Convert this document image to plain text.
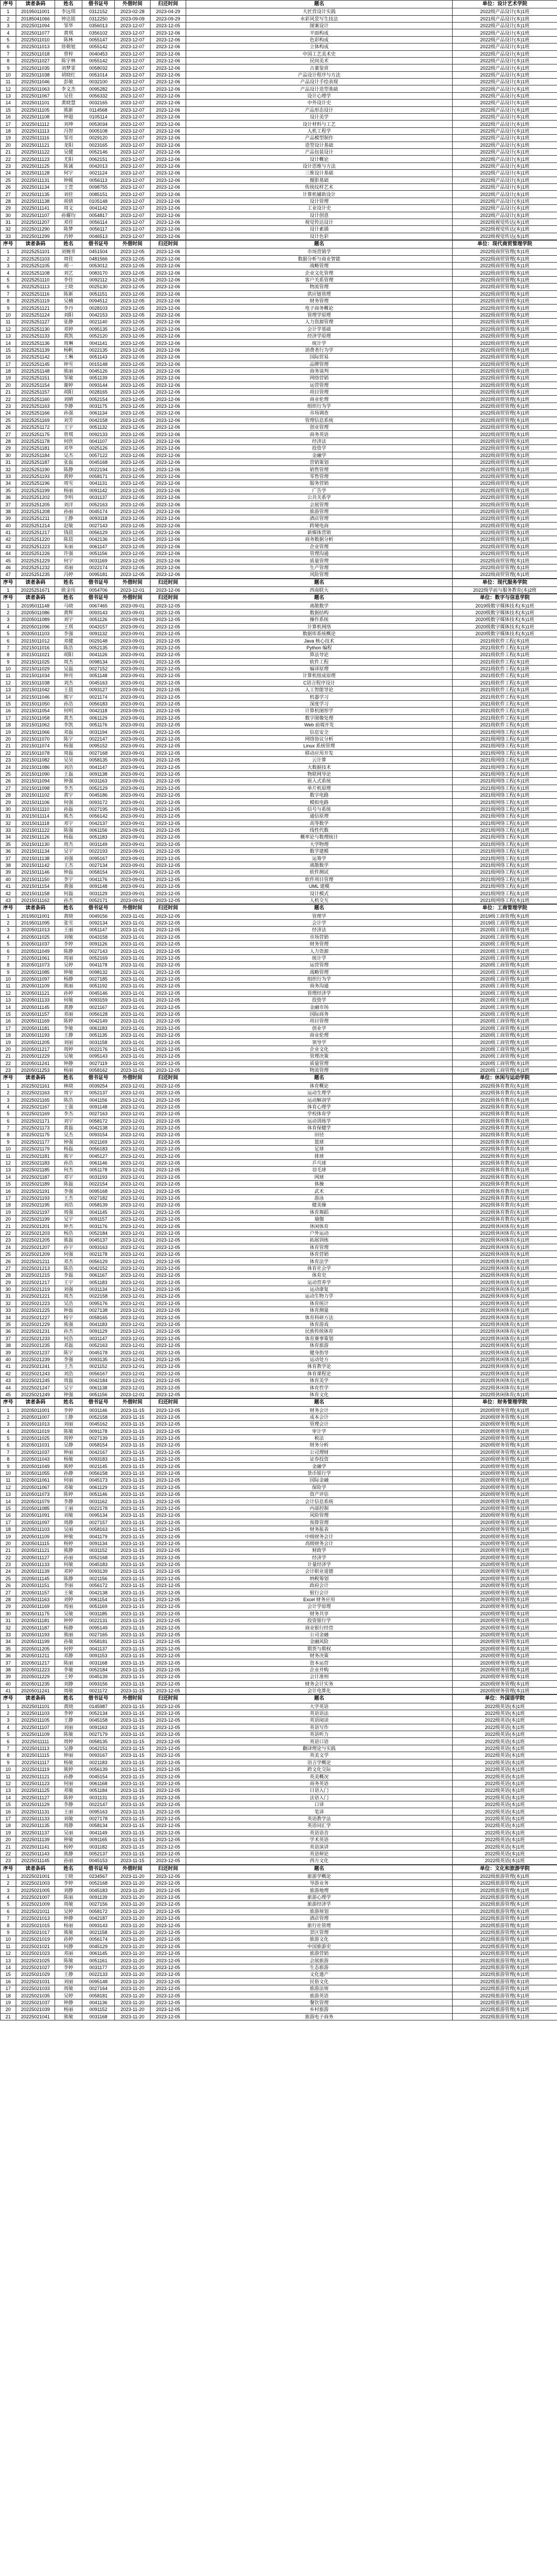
序号	读者条码	姓名	借书证号	外借时间	归还时间	题名	单位：设计艺术学院
1	20195011001	李远琪	0312152	2023-02-28	2023-04-29	大匠营设计实践	2022级产品设计(本)1班
2	20185041066	钟达铭	0312250	2023-09-09	2023-09-29	水彩风景写生技法	2021级产品设计(本)1班
3	20225011094	邹华	0356013	2023-12-07	2023-12-05	图案设计	2022级产品设计(本)1班
4	20225011077	黄琪	0356102	2023-12-07	2023-12-06	平面构成	2022级产品设计(本)1班
5	20225011010	陈林	0055147	2023-12-07	2023-12-06	色彩构成	2022级产品设计(本)1班
6	20225011013	徐朝旭	0055142	2023-12-07	2023-12-06	立体构成	2022级产品设计(本)1班
7	20225011018	曾梓	0040453	2023-12-07	2023-12-06	中国工艺美术史	2022级产品设计(本)1班
8	20225011027	陈宇林	0055142	2023-12-07	2023-12-06	民间美术	2022级产品设计(本)1班
9	20225011035	刘梦霏	0058032	2023-12-07	2023-12-06	古董鉴赏	2022级产品设计(本)1班
10	20225011038	胡晓红	0051014	2023-12-07	2023-12-06	产品设计程序与方法	2022级产品设计(本)1班
11	20225011046	彭敏	0032100	2023-12-07	2023-12-06	产品设计手绘表现	2022级产品设计(本)1班
12	20225011063	李文杰	0095282	2023-12-07	2023-12-06	产品设计造型基础	2022级产品设计(本)1班
13	20225011067	吴佳	0056332	2023-12-07	2023-12-06	设计心理学	2022级产品设计(本)1班
14	20225011101	黄晓慧	0032165	2023-12-07	2023-12-06	中外设计史	2022级产品设计(本)1班
15	20225011105	熊新	0114568	2023-12-07	2023-12-06	产品形态设计	2022级产品设计(本)1班
16	20225011108	钟超	0105114	2023-12-07	2023-12-06	设计美学	2022级产品设计(本)1班
17	20225011112	刘坤	0053034	2023-12-07	2023-12-06	设计材料与工艺	2022级产品设计(本)1班
18	20225011113	冯智	0005108	2023-12-07	2023-12-06	人机工程学	2022级产品设计(本)1班
19	20225011116	邹亮	0029120	2023-12-07	2023-12-06	产品模型制作	2022级产品设计(本)1班
20	20225011121	龙阳	0023165	2023-12-07	2023-12-06	造型设计基础	2022级产品设计(本)1班
21	20225011122	吴健	0052146	2023-12-07	2023-12-06	产品包装设计	2022级产品设计(本)1班
22	20225011123	尤阳	0062151	2023-12-07	2023-12-06	设计概论	2022级产品设计(本)1班
23	20225011125	陈诚	0042013	2023-12-07	2023-12-06	设计思维与方法	2022级产品设计(本)1班
24	20225011128	何宇	0021124	2023-12-07	2023-12-06	三维设计基础	2022级产品设计(本)1班
25	20225011131	钟媛	0056113	2023-12-07	2023-12-06	摄影基础	2022级产品设计(本)1班
26	20225011134	王萱	0098755	2023-12-07	2023-12-06	传统纹样艺术	2022级产品设计(本)1班
27	20225011135	刘佳	0085151	2023-12-07	2023-12-06	计算机辅助设计	2022级产品设计(本)1班
28	20225011138	胡倩	0105148	2023-12-07	2023-12-06	设计管理	2022级产品设计(本)1班
29	20225011141	周文	0041142	2023-12-07	2023-12-06	工业设计史	2022级产品设计(本)1班
30	20225011107	孙耀均	0054817	2023-12-07	2023-12-06	设计创意	2022级产品设计(本)1班
31	20225011207	邓佳	0056114	2023-12-07	2023-12-06	视觉传达设计	2022级视觉传达(本)1班
32	20225011290	陈梦	0056117	2023-12-07	2023-12-06	设计素描	2022级视觉传达(本)1班
33	20225011299	肖婷	0046513	2023-12-07	2023-12-06	设计色彩	2022级视觉传达(本)1班
序号	读者条码	姓名	借书证号	外借时间	归还时间	题名	单位：现代商贸管理学院
1	20225251101	刘婉青	0451504	2023-12-05	2023-12-06	市场营销学	2022级商贸管理(本)1班
2	20225251103	周佳	0481566	2023-12-05	2023-12-06	数据分析与商业智能	2022级商贸管理(本)1班
3	20225251105	胡一	0053012	2023-12-05	2023-12-06	战略管理	2022级商贸管理(本)1班
4	20225251108	刘艺	0083170	2023-12-05	2023-12-06	企业文化管理	2022级商贸管理(本)1班
5	20225251110	李佳	0092112	2023-12-05	2023-12-06	客户关系管理	2022级商贸管理(本)1班
6	20225251113	王晓	0025130	2023-12-05	2023-12-06	物流管理	2022级商贸管理(本)1班
7	20225251116	陈新	0051151	2023-12-05	2023-12-06	供应链管理	2022级商贸管理(本)1班
8	20225251119	吴楠	0094512	2023-12-05	2023-12-06	财务管理	2022级商贸管理(本)1班
9	20225251121	李丹	0028103	2023-12-05	2023-12-06	电子商务概论	2022级商贸管理(本)1班
10	20225251124	刘阳	0042153	2023-12-05	2023-12-06	管理学原理	2022级商贸管理(本)1班
11	20225251127	张静	0021140	2023-12-05	2023-12-06	人力资源管理	2022级商贸管理(本)1班
12	20225251130	邓婷	0095135	2023-12-05	2023-12-06	会计学基础	2022级商贸管理(本)1班
13	20225251133	黄凯	0052120	2023-12-05	2023-12-06	经济学原理	2022级商贸管理(本)1班
14	20225251136	周琳	0041141	2023-12-05	2023-12-06	统计学	2022级商贸管理(本)1班
15	20225251139	杨帆	0022135	2023-12-05	2023-12-06	消费者行为学	2022级商贸管理(本)1班
16	20225251142	王琳	0051143	2023-12-05	2023-12-06	国际贸易	2022级商贸管理(本)1班
17	20225251145	钟雪	0015148	2023-12-05	2023-12-06	品牌管理	2022级商贸管理(本)1班
18	20225251148	熊丽	0045126	2023-12-05	2023-12-06	商务谈判	2022级商贸管理(本)1班
19	20225251151	邹敏	0051139	2023-12-05	2023-12-06	网络营销	2022级商贸管理(本)1班
20	20225251154	谢婷	0093144	2023-12-05	2023-12-06	运营管理	2022级商贸管理(本)1班
21	20225251157	胡阳	0028165	2023-12-05	2023-12-06	项目管理	2022级商贸管理(本)1班
22	20225251160	刘晴	0052154	2023-12-05	2023-12-06	商业伦理	2022级商贸管理(本)1班
23	20225251163	李静	0031175	2023-12-05	2023-12-06	组织行为学	2022级商贸管理(本)1班
24	20225251166	孙强	0061134	2023-12-05	2023-12-06	市场调查	2022级商贸管理(本)1班
25	20225251169	刘芳	0042158	2023-12-05	2023-12-06	管理信息系统	2022级商贸管理(本)1班
26	20225251172	王宇	0051132	2023-12-05	2023-12-06	创业管理	2022级商贸管理(本)1班
27	20225251175	曾琪	0092133	2023-12-05	2023-12-06	商务英语	2022级商贸管理(本)1班
28	20225251178	何欣	0041107	2023-12-05	2023-12-06	经济法	2022级商贸管理(本)1班
29	20225251181	邓华	0025126	2023-12-05	2023-12-06	投资学	2022级商贸管理(本)1班
30	20225251184	吴杰	0057122	2023-12-05	2023-12-06	金融学	2022级商贸管理(本)1班
31	20225251187	张磊	0045168	2023-12-05	2023-12-06	营销策划	2022级商贸管理(本)1班
32	20225251190	陈静	0022194	2023-12-05	2023-12-06	销售管理	2022级商贸管理(本)1班
33	20225251193	黄婷	0058171	2023-12-05	2023-12-06	零售管理	2022级商贸管理(本)1班
34	20225251196	周雪	0041131	2023-12-05	2023-12-06	服务营销	2022级商贸管理(本)1班
35	20225251199	杨丽	0091142	2023-12-05	2023-12-06	广告学	2022级商贸管理(本)1班
36	20225251202	李明	0031137	2023-12-05	2023-12-06	公共关系学	2022级商贸管理(本)1班
37	20225251205	刘洋	0052163	2023-12-05	2023-12-06	会展管理	2022级商贸管理(本)1班
38	20225251208	孙丽	0045174	2023-12-05	2023-12-06	旅游管理	2022级商贸管理(本)1班
39	20225251211	王静	0093118	2023-12-05	2023-12-06	酒店管理	2022级商贸管理(本)1班
40	20225251214	赵敏	0027143	2023-12-05	2023-12-06	跨境电商	2022级商贸管理(本)1班
41	20225251217	钱晨	0056129	2023-12-05	2023-12-06	新媒体营销	2022级商贸管理(本)1班
42	20225251220	陈晨	0042136	2023-12-05	2023-12-06	商务数据分析	2022级商贸管理(本)1班
43	20225251223	朱丽	0061147	2023-12-05	2023-12-06	企业管理	2022级商贸管理(本)1班
44	20225251226	许强	0051156	2023-12-05	2023-12-06	管理沟通	2022级商贸管理(本)1班
45	20225251229	何宇	0031169	2023-12-05	2023-12-06	质量管理	2022级商贸管理(本)1班
46	20225251232	邓丽	0022174	2023-12-05	2023-12-06	生产管理	2022级商贸管理(本)1班
47	20225251235	冯婷	0095181	2023-12-05	2023-12-06	风险管理	2022级商贸管理(本)1班
序号	读者条码	姓名	借书证号	外借时间	归还时间	题名	单位：现代服务学院
1	20225251671	欧金珏	0054706	2023-12-01	2023-12-06	西南联大	2022级学前与服务教育(本)2班
序号	读者条码	姓名	借书证号	外借时间	归还时间	题名	单位：数字与信息学院
1	20195011148	马晓	0067465	2023-09-01	2023-12-05	离散数学	2019级数字媒体技术(本)1班
2	20205011086	黄辉	0093143	2023-09-01	2023-12-05	数据结构	2020级数字媒体技术(本)1班
3	20205011089	刘宇	0051126	2023-09-01	2023-12-05	操作系统	2020级数字媒体技术(本)1班
4	20205011096	王琪	0043157	2023-09-01	2023-12-05	计算机网络	2020级数字媒体技术(本)1班
5	20205011103	李强	0091132	2023-09-01	2023-12-05	数据库系统概论	2020级数字媒体技术(本)1班
6	20215011012	邓健	0029148	2023-09-01	2023-12-05	Java 核心技术	2021级软件工程(本)1班
7	20215011016	陈浩	0052135	2023-09-01	2023-12-05	Python 编程	2021级软件工程(本)1班
8	20215011021	胡阳	0041126	2023-09-01	2023-12-05	算法导论	2021级软件工程(本)1班
9	20215011025	周杰	0098134	2023-09-01	2023-12-05	软件工程	2021级软件工程(本)1班
10	20215011029	吴磊	0027152	2023-09-01	2023-12-05	编译原理	2021级软件工程(本)1班
11	20215011034	钟亮	0051148	2023-09-01	2023-12-05	计算机组成原理	2021级软件工程(本)1班
12	20215011038	刘杰	0045163	2023-09-01	2023-12-05	C语言程序设计	2021级软件工程(本)1班
13	20215011042	王晨	0093127	2023-09-01	2023-12-05	人工智能导论	2021级软件工程(本)1班
14	20215011046	熊宇	0021174	2023-09-01	2023-12-05	机器学习	2021级软件工程(本)1班
15	20215011050	孙浩	0056183	2023-09-01	2023-12-05	深度学习	2021级软件工程(本)1班
16	20215011054	何明	0042118	2023-09-01	2023-12-05	计算机图形学	2021级软件工程(本)1班
17	20215011058	黄杰	0061129	2023-09-01	2023-12-05	数字图像处理	2021级软件工程(本)1班
18	20215011062	李凯	0051176	2023-09-01	2023-12-05	Web 前端开发	2021级软件工程(本)1班
19	20215011066	邓磊	0031194	2023-09-01	2023-12-05	信息安全	2021级网络工程(本)1班
20	20215011070	陈宇	0022147	2023-09-01	2023-12-05	网络协议分析	2021级网络工程(本)1班
21	20215011074	杨强	0095152	2023-09-01	2023-12-05	Linux 系统管理	2021级网络工程(本)1班
22	20215011078	周磊	0027168	2023-09-01	2023-12-05	移动应用开发	2021级网络工程(本)1班
23	20215011082	吴昊	0058135	2023-09-01	2023-12-05	云计算	2021级网络工程(本)1班
24	20215011086	刘浩	0041147	2023-09-01	2023-12-05	大数据技术	2021级网络工程(本)1班
25	20215011090	王磊	0091138	2023-09-01	2023-12-05	物联网导论	2021级网络工程(本)1班
26	20215011094	钟强	0031163	2023-09-01	2023-12-05	嵌入式系统	2021级网络工程(本)1班
27	20215011098	李杰	0052129	2023-09-01	2023-12-05	单片机原理	2021级网络工程(本)1班
28	20215011102	黄宇	0045186	2023-09-01	2023-12-05	数字电路	2021级网络工程(本)1班
29	20215011106	何强	0093172	2023-09-01	2023-12-05	模拟电路	2021级网络工程(本)1班
30	20215011110	孙磊	0027195	2023-09-01	2023-12-05	信号与系统	2021级网络工程(本)1班
31	20215011114	熊杰	0056142	2023-09-01	2023-12-05	通信原理	2021级网络工程(本)1班
32	20215011118	邓宇	0042137	2023-09-01	2023-12-05	高等数学	2021级网络工程(本)1班
33	20215011122	陈强	0061156	2023-09-01	2023-12-05	线性代数	2021级网络工程(本)1班
34	20215011126	杨磊	0051183	2023-09-01	2023-12-05	概率论与数理统计	2021级网络工程(本)1班
35	20215011130	周杰	0031149	2023-09-01	2023-12-05	大学物理	2021级网络工程(本)1班
36	20215011134	吴宇	0022193	2023-09-01	2023-12-05	数学建模	2021级网络工程(本)1班
37	20215011138	刘强	0095167	2023-09-01	2023-12-05	运筹学	2021级网络工程(本)1班
38	20215011142	王杰	0027134	2023-09-01	2023-12-05	离散数学	2021级网络工程(本)1班
39	20215011146	钟磊	0058154	2023-09-01	2023-12-05	软件测试	2021级网络工程(本)1班
40	20215011150	李宇	0041176	2023-09-01	2023-12-05	软件项目管理	2021级网络工程(本)1班
41	20215011154	黄强	0091148	2023-09-01	2023-12-05	UML 建模	2021级网络工程(本)1班
42	20215011158	何磊	0031129	2023-09-01	2023-12-05	设计模式	2021级网络工程(本)1班
43	20215011162	孙杰	0052171	2023-09-01	2023-12-05	人机交互	2021级网络工程(本)1班
序号	读者条码	姓名	借书证号	外借时间	归还时间	题名	单位：工商管理学院
1	20195011001	黄晓	0049156	2023-11-01	2023-12-05	管理学	2019级工商管理(本)1班
2	20195011095	张雪	0092134	2023-11-01	2023-12-05	会计学	2019级工商管理(本)1班
3	20205011013	王丽	0051147	2023-11-01	2023-12-05	经济法	2020级工商管理(本)1班
4	20205011025	刘敏	0043158	2023-11-01	2023-12-05	市场营销	2020级工商管理(本)1班
5	20205011037	李婷	0091126	2023-11-01	2023-12-05	财务管理	2020级工商管理(本)1班
6	20205011049	陈静	0027143	2023-11-01	2023-12-05	人力资源	2020级工商管理(本)1班
7	20205011061	周丽	0052169	2023-11-01	2023-12-05	统计学	2020级工商管理(本)1班
8	20205011073	吴婷	0041178	2023-11-01	2023-12-05	运营管理	2020级工商管理(本)1班
9	20205011085	钟敏	0098132	2023-11-01	2023-12-05	战略管理	2020级工商管理(本)1班
10	20205011097	杨静	0027185	2023-11-01	2023-12-05	组织行为学	2020级工商管理(本)1班
11	20205011109	熊丽	0051192	2023-11-01	2023-12-05	商务沟通	2020级工商管理(本)1班
12	20205011121	孙婷	0045146	2023-11-01	2023-12-05	管理经济学	2020级工商管理(本)1班
13	20205011133	何敏	0093159	2023-11-01	2023-12-05	投资学	2020级工商管理(本)1班
14	20205011145	黄静	0021167	2023-11-01	2023-12-05	金融市场	2020级工商管理(本)1班
15	20205011157	邓丽	0056128	2023-11-01	2023-12-05	国际商务	2020级工商管理(本)1班
16	20205011169	陈婷	0042149	2023-11-01	2023-12-05	项目管理	2020级工商管理(本)1班
17	20205011181	李敏	0061183	2023-11-01	2023-12-05	创业学	2020级工商管理(本)1班
18	20205011193	王静	0051135	2023-11-01	2023-12-05	商业伦理	2020级工商管理(本)1班
19	20205011205	刘丽	0031158	2023-11-01	2023-12-05	领导学	2020级工商管理(本)1班
20	20205011217	周婷	0022176	2023-11-01	2023-12-05	企业文化	2020级工商管理(本)1班
21	20205011229	吴敏	0095143	2023-11-01	2023-12-05	管理决策	2020级工商管理(本)1班
22	20205011241	钟静	0027119	2023-11-01	2023-12-05	质量管理	2020级工商管理(本)1班
23	20205011253	杨丽	0058162	2023-11-01	2023-12-05	物流管理	2020级工商管理(本)1班
序号	读者条码	姓名	借书证号	外借时间	归还时间	题名	单位：休闲与运动学院
1	20225021161	林晓	0039254	2023-12-01	2023-12-05	体育概论	2022级体育教育(本)1班
2	20225021163	周宇	0052137	2023-12-01	2023-12-05	运动生理学	2022级体育教育(本)1班
3	20225021165	陈浩	0041156	2023-12-01	2023-12-05	运动解剖学	2022级体育教育(本)1班
4	20225021167	王强	0091148	2023-12-01	2023-12-05	体育心理学	2022级体育教育(本)1班
5	20225021169	李杰	0027163	2023-12-01	2023-12-05	学校体育学	2022级体育教育(本)1班
6	20225021171	刘宇	0058172	2023-12-01	2023-12-05	运动训练学	2022级体育教育(本)1班
7	20225021173	黄磊	0042138	2023-12-01	2023-12-05	体育保健学	2022级体育教育(本)1班
8	20225021175	吴杰	0093154	2023-12-01	2023-12-05	田径	2022级体育教育(本)1班
9	20225021177	钟强	0021169	2023-12-01	2023-12-05	篮球	2022级体育教育(本)1班
10	20225021179	杨磊	0056183	2023-12-01	2023-12-05	足球	2022级体育教育(本)1班
11	20225021181	熊宇	0045127	2023-12-01	2023-12-05	排球	2022级体育教育(本)1班
12	20225021183	孙浩	0061146	2023-12-01	2023-12-05	乒乓球	2022级体育教育(本)1班
13	20225021185	何杰	0051178	2023-12-01	2023-12-05	羽毛球	2022级体育教育(本)1班
14	20225021187	邓宇	0031193	2023-12-01	2023-12-05	网球	2022级体育教育(本)1班
15	20225021189	陈磊	0022154	2023-12-01	2023-12-05	体操	2022级体育教育(本)1班
16	20225021191	李强	0095168	2023-12-01	2023-12-05	武术	2022级体育教育(本)1班
17	20225021193	王杰	0027182	2023-12-01	2023-12-05	游泳	2022级体育教育(本)1班
18	20225021195	刘浩	0058139	2023-12-01	2023-12-05	健美操	2022级体育教育(本)1班
19	20225021197	周强	0041145	2023-12-01	2023-12-05	体育舞蹈	2022级体育教育(本)1班
20	20225021199	吴宇	0091157	2023-12-01	2023-12-05	瑜伽	2022级体育教育(本)1班
21	20225021201	钟杰	0031176	2023-12-01	2023-12-05	休闲体育	2022级休闲体育(本)1班
22	20225021203	杨浩	0052184	2023-12-01	2023-12-05	户外运动	2022级休闲体育(本)1班
23	20225021205	熊磊	0045137	2023-12-01	2023-12-05	拓展训练	2022级休闲体育(本)1班
24	20225021207	孙宇	0093163	2023-12-01	2023-12-05	体育管理	2022级休闲体育(本)1班
25	20225021209	何强	0021178	2023-12-01	2023-12-05	体育营销	2022级休闲体育(本)1班
26	20225021211	邓杰	0056129	2023-12-01	2023-12-05	体育法学	2022级休闲体育(本)1班
27	20225021213	陈浩	0042152	2023-12-01	2023-12-05	体育社会学	2022级休闲体育(本)1班
28	20225021215	李磊	0061167	2023-12-01	2023-12-05	体育史	2022级休闲体育(本)1班
29	20225021217	王宇	0051183	2023-12-01	2023-12-05	运动营养学	2022级休闲体育(本)1班
30	20225021219	刘强	0031134	2023-12-01	2023-12-05	运动康复	2022级休闲体育(本)1班
31	20225021221	周杰	0022158	2023-12-01	2023-12-05	运动生物力学	2022级休闲体育(本)1班
32	20225021223	吴浩	0095176	2023-12-01	2023-12-05	体育统计	2022级休闲体育(本)1班
33	20225021225	钟磊	0027138	2023-12-01	2023-12-05	体育测量	2022级休闲体育(本)1班
34	20225021227	杨宇	0058165	2023-12-01	2023-12-05	体育科研方法	2022级休闲体育(本)1班
35	20225021229	熊强	0041183	2023-12-01	2023-12-05	体育游戏	2022级休闲体育(本)1班
36	20225021231	孙杰	0091129	2023-12-01	2023-12-05	民族传统体育	2022级休闲体育(本)1班
37	20225021233	何浩	0031147	2023-12-01	2023-12-05	体育赛事策划	2022级休闲体育(本)1班
38	20225021235	邓磊	0052163	2023-12-01	2023-12-05	体育旅游	2022级休闲体育(本)1班
39	20225021237	陈宇	0045178	2023-12-01	2023-12-05	健身指导	2022级休闲体育(本)1班
40	20225021239	李强	0093135	2023-12-01	2023-12-05	运动处方	2022级休闲体育(本)1班
41	20225021241	王杰	0021152	2023-12-01	2023-12-05	体育教学论	2022级休闲体育(本)1班
42	20225021243	刘浩	0056167	2023-12-01	2023-12-05	体育课程论	2022级休闲体育(本)1班
43	20225021245	周磊	0042184	2023-12-01	2023-12-05	体育美学	2022级休闲体育(本)1班
44	20225021247	吴宇	0061138	2023-12-01	2023-12-05	体育哲学	2022级休闲体育(本)1班
45	20225021249	钟强	0051156	2023-12-01	2023-12-05	体育文化	2022级休闲体育(本)1班
序号	读者条码	姓名	借书证号	外借时间	归还时间	题名	单位：财务管理学院
1	20205011001	李婷	0031146	2023-11-15	2023-12-05	财务会计	2020级财务管理(本)1班
2	20205011007	王静	0052158	2023-11-15	2023-12-05	成本会计	2020级财务管理(本)1班
3	20205011013	刘丽	0045162	2023-11-15	2023-12-05	管理会计	2020级财务管理(本)1班
4	20205011019	陈敏	0091178	2023-11-15	2023-12-05	审计学	2020级财务管理(本)1班
5	20205011025	周婷	0027139	2023-11-15	2023-12-05	税法	2020级财务管理(本)1班
6	20205011031	吴静	0058154	2023-11-15	2023-12-05	财务分析	2020级财务管理(本)1班
7	20205011037	钟丽	0042167	2023-11-15	2023-12-05	公司理财	2020级财务管理(本)1班
8	20205011043	杨敏	0093183	2023-11-15	2023-12-05	证券投资	2020级财务管理(本)1班
9	20205011049	熊婷	0021145	2023-11-15	2023-12-05	金融学	2020级财务管理(本)1班
10	20205011055	孙静	0056158	2023-11-15	2023-12-05	货币银行学	2020级财务管理(本)1班
11	20205011061	何丽	0045173	2023-11-15	2023-12-05	国际金融	2020级财务管理(本)1班
12	20205011067	邓敏	0061129	2023-11-15	2023-12-05	保险学	2020级财务管理(本)1班
13	20205011073	陈婷	0051146	2023-11-15	2023-12-05	资产评估	2020级财务管理(本)1班
14	20205011079	李静	0031162	2023-11-15	2023-12-05	会计信息系统	2020级财务管理(本)1班
15	20205011085	王丽	0022178	2023-11-15	2023-12-05	内部控制	2020级财务管理(本)1班
16	20205011091	刘敏	0095134	2023-11-15	2023-12-05	风险管理	2020级财务管理(本)1班
17	20205011097	周静	0027157	2023-11-15	2023-12-05	预算管理	2020级财务管理(本)1班
18	20205011103	吴丽	0058163	2023-11-15	2023-12-05	财务报表	2020级财务管理(本)1班
19	20205011109	钟敏	0041179	2023-11-15	2023-12-05	中级财务会计	2020级财务管理(本)1班
20	20205011115	杨婷	0091134	2023-11-15	2023-12-05	高级财务会计	2020级财务管理(本)1班
21	20205011121	熊静	0031152	2023-11-15	2023-12-05	财政学	2020级财务管理(本)1班
22	20205011127	孙丽	0052168	2023-11-15	2023-12-05	经济学	2020级财务管理(本)1班
23	20205011133	何敏	0045183	2023-11-15	2023-12-05	计量经济学	2020级财务管理(本)1班
24	20205011139	邓婷	0093139	2023-11-15	2023-12-05	会计职业道德	2020级财务管理(本)1班
25	20205011145	陈静	0021156	2023-11-15	2023-12-05	纳税筹划	2020级财务管理(本)1班
26	20205011151	李丽	0056172	2023-11-15	2023-12-05	政府会计	2020级财务管理(本)1班
27	20205011157	王敏	0042138	2023-11-15	2023-12-05	银行会计	2020级财务管理(本)1班
28	20205011163	刘婷	0061154	2023-11-15	2023-12-05	Excel 财务应用	2020级财务管理(本)1班
29	20205011169	周丽	0051169	2023-11-15	2023-12-05	会计学原理	2020级财务管理(本)1班
30	20205011175	吴敏	0031185	2023-11-15	2023-12-05	财务共享	2020级财务管理(本)1班
31	20205011181	钟婷	0022131	2023-11-15	2023-12-05	投资银行学	2020级财务管理(本)1班
32	20205011187	杨静	0095149	2023-11-15	2023-12-05	商业银行经营	2020级财务管理(本)1班
33	20205011193	熊丽	0027165	2023-11-15	2023-12-05	公司金融	2020级财务管理(本)1班
34	20205011199	孙敏	0058181	2023-11-15	2023-12-05	金融风险	2020级财务管理(本)1班
35	20205011205	何婷	0041137	2023-11-15	2023-12-05	期货与期权	2020级财务管理(本)1班
36	20205011211	邓静	0091153	2023-11-15	2023-12-05	财务决策	2020级财务管理(本)1班
37	20205011217	陈丽	0031168	2023-11-15	2023-12-05	资本运营	2020级财务管理(本)1班
38	20205011223	李敏	0052184	2023-11-15	2023-12-05	企业并购	2020级财务管理(本)1班
39	20205011229	王婷	0045139	2023-11-15	2023-12-05	会计准则	2020级财务管理(本)1班
40	20205011235	刘静	0093156	2023-11-15	2023-12-05	财务会计实务	2020级财务管理(本)1班
41	20205011241	周敏	0021172	2023-11-15	2023-12-05	会计电算化	2020级财务管理(本)1班
序号	读者条码	姓名	借书证号	外借时间	归还时间	题名	单位：外国语学院
1	20225011101	黄晓	0145987	2023-11-15	2023-12-05	大学英语	2022级英语(本)1班
2	20225011103	李婷	0052134	2023-11-15	2023-12-05	英语语法	2022级英语(本)1班
3	20225011105	王静	0045158	2023-11-15	2023-12-05	英语阅读	2022级英语(本)1班
4	20225011107	刘丽	0091163	2023-11-15	2023-12-05	英语写作	2022级英语(本)1班
5	20225011109	陈敏	0027179	2023-11-15	2023-12-05	英语听力	2022级英语(本)1班
6	20225011111	周婷	0058135	2023-11-15	2023-12-05	英语口语	2022级英语(本)1班
7	20225011113	吴静	0042151	2023-11-15	2023-12-05	翻译理论与实践	2022级英语(本)1班
8	20225011115	钟丽	0093167	2023-11-15	2023-12-05	英美文学	2022级英语(本)1班
9	20225011117	杨敏	0021183	2023-11-15	2023-12-05	语言学概论	2022级英语(本)1班
10	20225011119	熊婷	0056139	2023-11-15	2023-12-05	跨文化交际	2022级英语(本)1班
11	20225011121	孙静	0045154	2023-11-15	2023-12-05	英美概况	2022级英语(本)1班
12	20225011123	何丽	0061168	2023-11-15	2023-12-05	商务英语	2022级英语(本)1班
13	20225011125	邓敏	0051184	2023-11-15	2023-12-05	日语入门	2022级英语(本)1班
14	20225011127	陈婷	0031131	2023-11-15	2023-12-05	法语入门	2022级英语(本)1班
15	20225011129	李静	0022147	2023-11-15	2023-12-05	口译	2022级英语(本)1班
16	20225011131	王丽	0095163	2023-11-15	2023-12-05	笔译	2022级英语(本)1班
17	20225011133	刘敏	0027178	2023-11-15	2023-12-05	英语教学法	2022级英语(本)1班
18	20225011135	周静	0058134	2023-11-15	2023-12-05	英语词汇学	2022级英语(本)1班
19	20225011137	吴丽	0041149	2023-11-15	2023-12-05	英语语音	2022级英语(本)1班
20	20225011139	钟敏	0091165	2023-11-15	2023-12-05	学术英语	2022级英语(本)1班
21	20225011141	杨婷	0031182	2023-11-15	2023-12-05	英语演讲	2022级英语(本)1班
22	20225011143	熊静	0052137	2023-11-15	2023-12-05	英语辩论	2022级英语(本)1班
23	20225011145	孙丽	0045153	2023-11-15	2023-12-05	西方文化	2022级英语(本)1班
序号	读者条码	姓名	借书证号	外借时间	归还时间	题名	单位：文化和旅游学院
1	20225021001	王晓	0234567	2023-11-20	2023-12-05	旅游学概论	2022级旅游管理(本)1班
2	20225021003	李婷	0052168	2023-11-20	2023-12-05	导游业务	2022级旅游管理(本)1班
3	20225021005	刘静	0045183	2023-11-20	2023-12-05	旅游地理	2022级旅游管理(本)1班
4	20225021007	陈丽	0091139	2023-11-20	2023-12-05	旅游心理学	2022级旅游管理(本)1班
5	20225021009	周敏	0027156	2023-11-20	2023-12-05	旅游经济学	2022级旅游管理(本)1班
6	20225021011	吴婷	0058172	2023-11-20	2023-12-05	旅游规划	2022级旅游管理(本)1班
7	20225021013	钟静	0042187	2023-11-20	2023-12-05	酒店管理	2022级旅游管理(本)1班
8	20225021015	杨丽	0093143	2023-11-20	2023-12-05	旅行社管理	2022级旅游管理(本)1班
9	20225021017	熊敏	0021158	2023-11-20	2023-12-05	景区管理	2022级旅游管理(本)1班
10	20225021019	孙婷	0056174	2023-11-20	2023-12-05	旅游文化	2022级旅游管理(本)1班
11	20225021021	何静	0045129	2023-11-20	2023-12-05	中国旅游史	2022级旅游管理(本)1班
12	20225021023	邓丽	0061145	2023-11-20	2023-12-05	旅游营销	2022级旅游管理(本)1班
13	20225021025	陈敏	0051161	2023-11-20	2023-12-05	会展旅游	2022级旅游管理(本)1班
14	20225021027	李婷	0031177	2023-11-20	2023-12-05	生态旅游	2022级旅游管理(本)1班
15	20225021029	王静	0022133	2023-11-20	2023-12-05	文化遗产	2022级旅游管理(本)1班
16	20225021031	刘丽	0095148	2023-11-20	2023-12-05	民俗文化	2022级旅游管理(本)1班
17	20225021033	周敏	0027164	2023-11-20	2023-12-05	旅游法规	2022级旅游管理(本)1班
18	20225021035	吴婷	0058181	2023-11-20	2023-12-05	旅游英语	2022级旅游管理(本)1班
19	20225021037	钟静	0041136	2023-11-20	2023-12-05	餐饮管理	2022级旅游管理(本)1班
20	20225021039	杨丽	0091152	2023-11-20	2023-12-05	乡村旅游	2022级旅游管理(本)1班
21	20225021041	熊敏	0031168	2023-11-20	2023-12-05	旅游电子商务	2022级旅游管理(本)1班
